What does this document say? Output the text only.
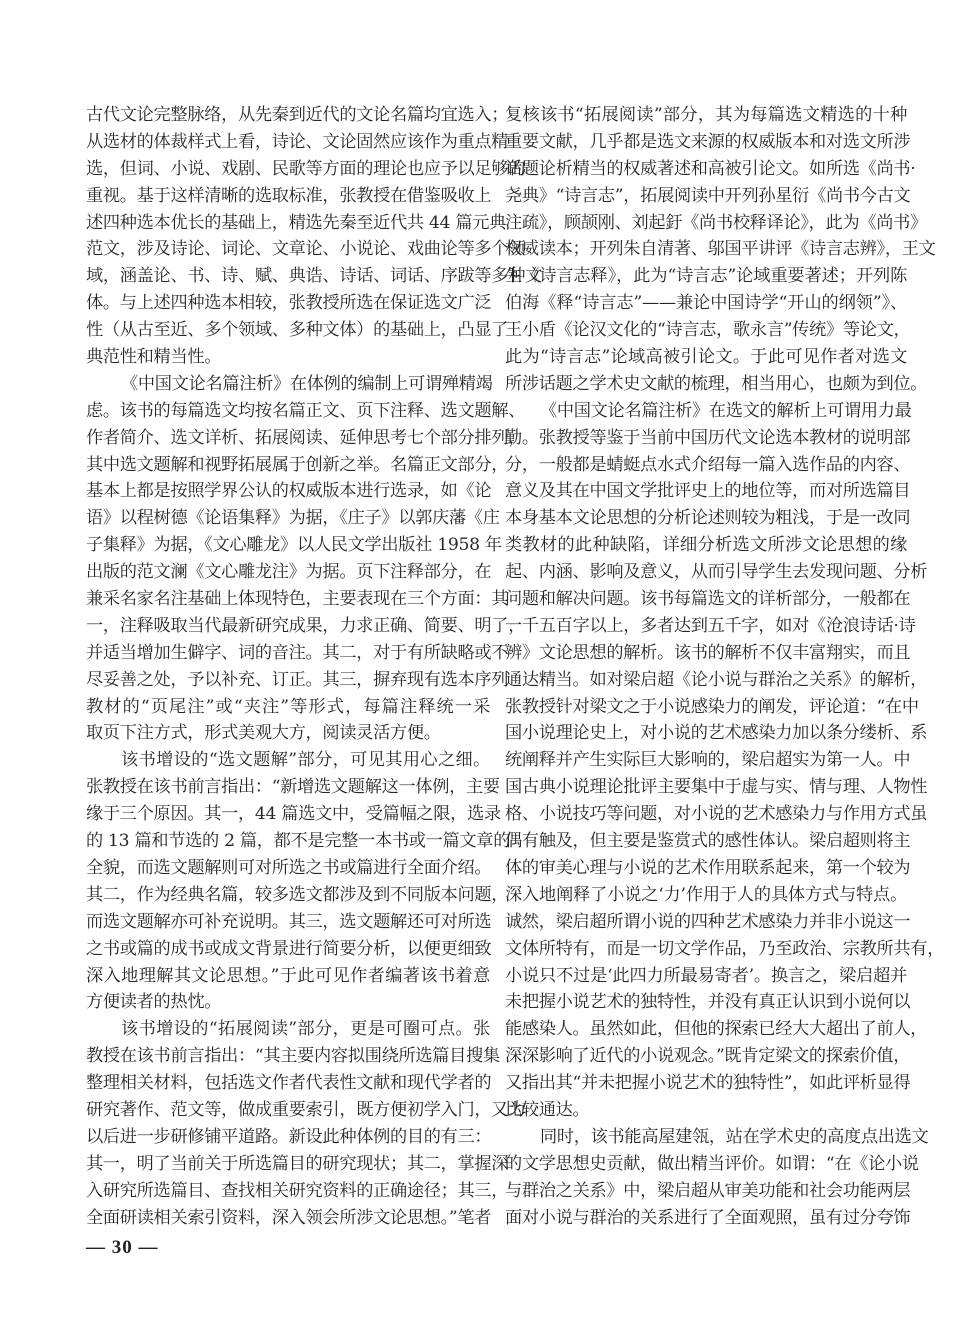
古代文论完整脉络，从先秦到近代的文论名篇均宜选入；
从选材的体裁样式上看，诗论、文论固然应该作为重点精
选，但词、小说、戏剧、民歌等方面的理论也应予以足够的
重视。基于这样清晰的选取标准，张教授在借鉴吸收上
述四种选本优长的基础上，精选先秦至近代共 44 篇元典
范文，涉及诗论、词论、文章论、小说论、戏曲论等多个领
域，涵盖论、书、诗、赋、典诰、诗话、词话、序跋等多种文
体。与上述四种选本相较，张教授所选在保证选文广泛
性（从古至近、多个领域、多种文体）的基础上，凸显了
典范性和精当性。
《中国文论名篇注析》在体例的编制上可谓殚精竭
虑。该书的每篇选文均按名篇正文、页下注释、选文题解、
作者简介、选文详析、拓展阅读、延伸思考七个部分排列，
其中选文题解和视野拓展属于创新之举。名篇正文部分，
基本上都是按照学界公认的权威版本进行选录，如《论
语》以程树德《论语集释》为据，《庄子》以郭庆藩《庄
子集释》为据，《文心雕龙》以人民文学出版社 1958 年
出版的范文澜《文心雕龙注》为据。页下注释部分，在
兼采名家名注基础上体现特色，主要表现在三个方面：其
一，注释吸取当代最新研究成果，力求正确、简要、明了，
并适当增加生僻字、词的音注。其二，对于有所缺略或不
尽妥善之处，予以补充、订正。其三，摒弃现有选本序列
教材的“页尾注”或“夹注”等形式，每篇注释统一采
取页下注方式，形式美观大方，阅读灵活方便。
该书增设的“选文题解”部分，可见其用心之细。
张教授在该书前言指出：“新增选文题解这一体例，主要
缘于三个原因。其一，44 篇选文中，受篇幅之限，选录
的 13 篇和节选的 2 篇，都不是完整一本书或一篇文章的
全貌，而选文题解则可对所选之书或篇进行全面介绍。
其二，作为经典名篇，较多选文都涉及到不同版本问题，
而选文题解亦可补充说明。其三，选文题解还可对所选
之书或篇的成书或成文背景进行简要分析，以便更细致
深入地理解其文论思想。”于此可见作者编著该书着意
方便读者的热忱。
该书增设的“拓展阅读”部分，更是可圈可点。张
教授在该书前言指出：“其主要内容拟围绕所选篇目搜集
整理相关材料，包括选文作者代表性文献和现代学者的
研究著作、范文等，做成重要索引，既方便初学入门，又为
以后进一步研修铺平道路。新设此种体例的目的有三：
其一，明了当前关于所选篇目的研究现状；其二，掌握深
入研究所选篇目、查找相关研究资料的正确途径；其三，
全面研读相关索引资料，深入领会所涉文论思想。”笔者
复核该书“拓展阅读”部分，其为每篇选文精选的十种
重要文献，几乎都是选文来源的权威版本和对选文所涉
话题论析精当的权威著述和高被引论文。如所选《尚书·
尧典》“诗言志”，拓展阅读中开列孙星衍《尚书今古文
注疏》，顾颉刚、刘起釪《尚书校释译论》，此为《尚书》
权威读本；开列朱自清著、邬国平讲评《诗言志辨》，王文
生《诗言志释》，此为“诗言志”论域重要著述；开列陈
伯海《释“诗言志”——兼论中国诗学“开山的纲领”》、
王小盾《论汉文化的“诗言志，歌永言”传统》等论文，
此为“诗言志”论域高被引论文。于此可见作者对选文
所涉话题之学术史文献的梳理，相当用心，也颇为到位。
《中国文论名篇注析》在选文的解析上可谓用力最
勤。张教授等鉴于当前中国历代文论选本教材的说明部
分，一般都是蜻蜓点水式介绍每一篇入选作品的内容、
意义及其在中国文学批评史上的地位等，而对所选篇目
本身基本文论思想的分析论述则较为粗浅，于是一改同
类教材的此种缺陷，详细分析选文所涉文论思想的缘
起、内涵、影响及意义，从而引导学生去发现问题、分析
问题和解决问题。该书每篇选文的详析部分，一般都在
一千五百字以上，多者达到五千字，如对《沧浪诗话·诗
辨》文论思想的解析。该书的解析不仅丰富翔实，而且
通达精当。如对梁启超《论小说与群治之关系》的解析，
张教授针对梁文之于小说感染力的阐发，评论道：“在中
国小说理论史上，对小说的艺术感染力加以条分缕析、系
统阐释并产生实际巨大影响的，梁启超实为第一人。中
国古典小说理论批评主要集中于虚与实、情与理、人物性
格、小说技巧等问题，对小说的艺术感染力与作用方式虽
偶有触及，但主要是鉴赏式的感性体认。梁启超则将主
体的审美心理与小说的艺术作用联系起来，第一个较为
深入地阐释了小说之‘力’作用于人的具体方式与特点。
诚然，梁启超所谓小说的四种艺术感染力并非小说这一
文体所特有，而是一切文学作品，乃至政治、宗教所共有，
小说只不过是‘此四力所最易寄者’。换言之，梁启超并
未把握小说艺术的独特性，并没有真正认识到小说何以
能感染人。虽然如此，但他的探索已经大大超出了前人，
深深影响了近代的小说观念。”既肯定梁文的探索价值，
又指出其“并未把握小说艺术的独特性”，如此评析显得
比较通达。
同时，该书能高屋建瓴，站在学术史的高度点出选文
的文学思想史贡献，做出精当评价。如谓：“在《论小说
与群治之关系》中，梁启超从审美功能和社会功能两层
面对小说与群治的关系进行了全面观照，虽有过分夸饰
— 30 —
